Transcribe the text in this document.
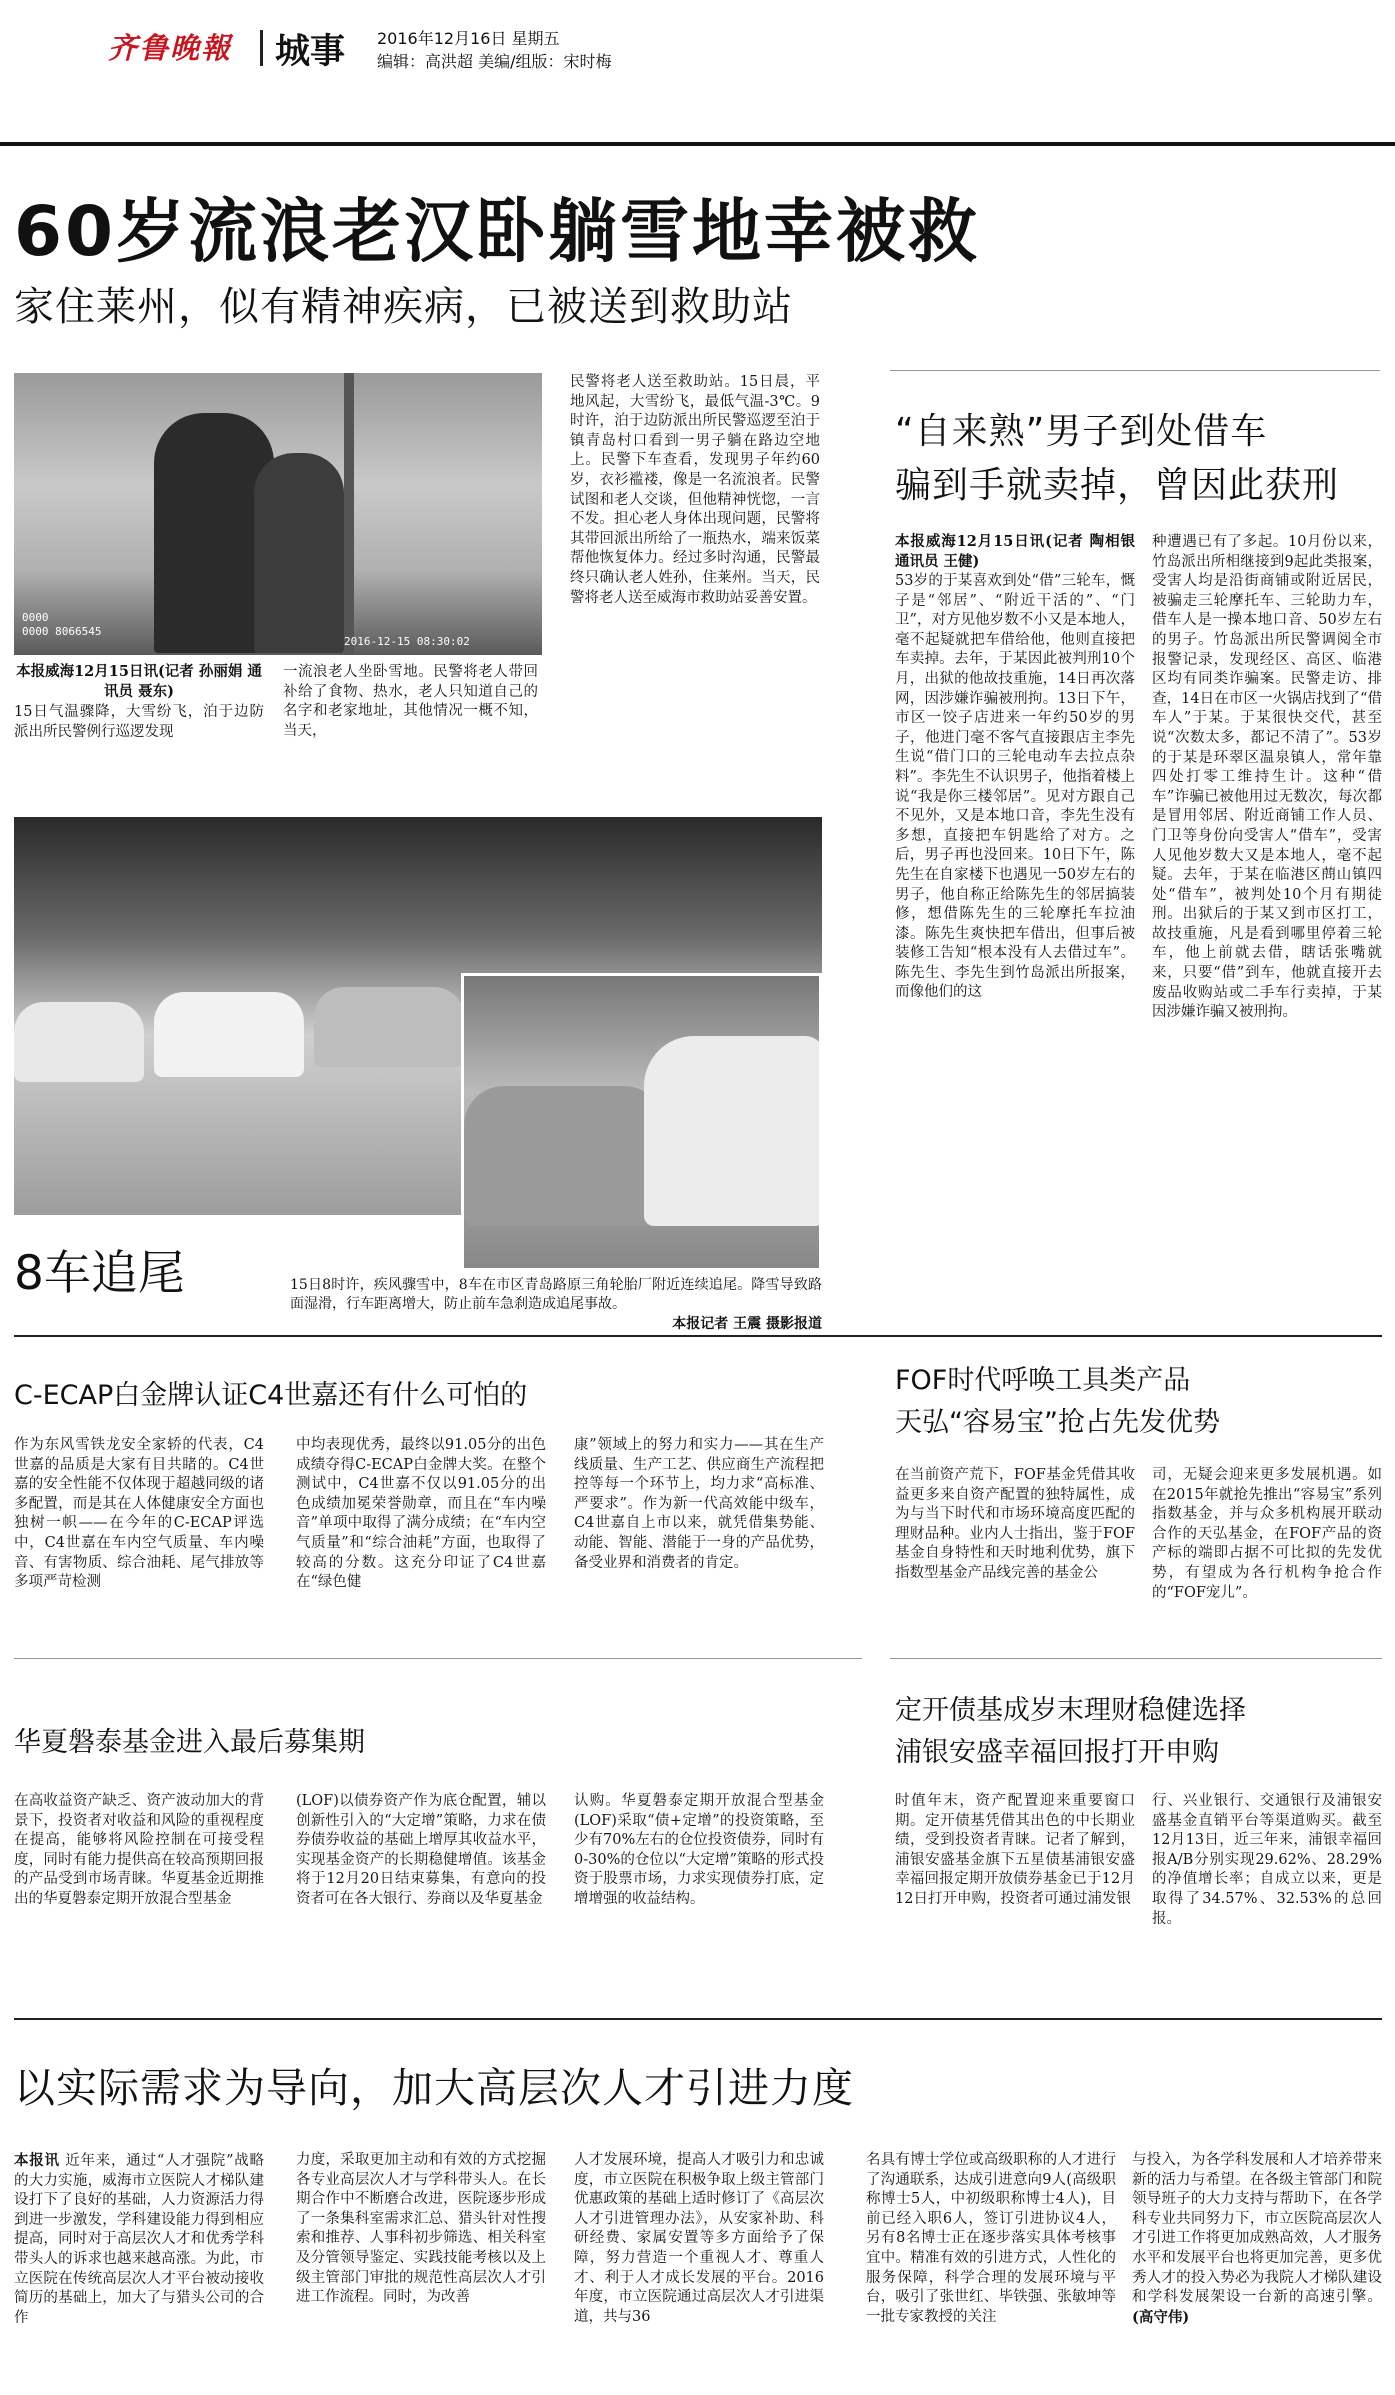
齐鲁晚報 城事 2016年12月16日 星期五
编辑：高洪超 美编/组版：宋时梅
60岁流浪老汉卧躺雪地幸被救
家住莱州，似有精神疾病，已被送到救助站
0000
0000 8066545
2016-12-15 08:30:02
本报威海12月15日讯(记者 孙丽娟 通讯员 聂东)
15日气温骤降，大雪纷飞，泊于边防派出所民警例行巡逻发现
一流浪老人坐卧雪地。民警将老人带回补给了食物、热水，老人只知道自己的名字和老家地址，其他情况一概不知，当天，
民警将老人送至救助站。15日晨，平地风起，大雪纷飞，最低气温-3℃。9时许，泊于边防派出所民警巡逻至泊于镇青岛村口看到一男子躺在路边空地上。民警下车查看，发现男子年约60岁，衣衫褴褛，像是一名流浪者。民警试图和老人交谈，但他精神恍惚，一言不发。担心老人身体出现问题，民警将其带回派出所给了一瓶热水，端来饭菜帮他恢复体力。经过多时沟通，民警最终只确认老人姓孙，住莱州。当天，民警将老人送至威海市救助站妥善安置。
8车追尾	15日8时许，疾风骤雪中，8车在市区青岛路原三角轮胎厂附近连续追尾。降雪导致路面湿滑，行车距离增大，防止前车急刹造成追尾事故。
本报记者 王震 摄影报道
“自来熟”男子到处借车
骗到手就卖掉，曾因此获刑
本报威海12月15日讯(记者 陶相银 通讯员 王健)
53岁的于某喜欢到处“借”三轮车，慨子是“邻居”、“附近干活的”、“门卫”，对方见他岁数不小又是本地人，毫不起疑就把车借给他，他则直接把车卖掉。去年，于某因此被判刑10个月，出狱的他故技重施，14日再次落网，因涉嫌诈骗被刑拘。13日下午，市区一饺子店进来一年约50岁的男子，他进门毫不客气直接跟店主李先生说“借门口的三轮电动车去拉点杂料”。李先生不认识男子，他指着楼上说“我是你三楼邻居”。见对方跟自己不见外，又是本地口音，李先生没有多想，直接把车钥匙给了对方。之后，男子再也没回来。10日下午，陈先生在自家楼下也遇见一50岁左右的男子，他自称正给陈先生的邻居搞装修，想借陈先生的三轮摩托车拉油漆。陈先生爽快把车借出，但事后被装修工告知“根本没有人去借过车”。陈先生、李先生到竹岛派出所报案，而像他们的这
种遭遇已有了多起。10月份以来，竹岛派出所相继接到9起此类报案，受害人均是沿街商铺或附近居民，被骗走三轮摩托车、三轮助力车，借车人是一操本地口音、50岁左右的男子。竹岛派出所民警调阅全市报警记录，发现经区、高区、临港区均有同类诈骗案。民警走访、排查，14日在市区一火锅店找到了“借车人”于某。于某很快交代，甚至说“次数太多，都记不清了”。53岁的于某是环翠区温泉镇人，常年靠四处打零工维持生计。这种“借车”诈骗已被他用过无数次，每次都是冒用邻居、附近商铺工作人员、门卫等身份向受害人“借车”，受害人见他岁数大又是本地人，毫不起疑。去年，于某在临港区蔄山镇四处“借车”，被判处10个月有期徒刑。出狱后的于某又到市区打工，故技重施，凡是看到哪里停着三轮车，他上前就去借，瞎话张嘴就来，只要“借”到车，他就直接开去废品收购站或二手车行卖掉，于某因涉嫌诈骗又被刑拘。
C-ECAP白金牌认证C4世嘉还有什么可怕的
作为东风雪铁龙安全家轿的代表，C4世嘉的品质是大家有目共睹的。C4世嘉的安全性能不仅体现于超越同级的诸多配置，而是其在人体健康安全方面也独树一帜——在今年的C-ECAP评选中，C4世嘉在车内空气质量、车内噪音、有害物质、综合油耗、尾气排放等多项严苛检测
中均表现优秀，最终以91.05分的出色成绩夺得C-ECAP白金牌大奖。在整个测试中，C4世嘉不仅以91.05分的出色成绩加冕荣誉勋章，而且在“车内噪音”单项中取得了满分成绩；在“车内空气质量”和“综合油耗”方面，也取得了较高的分数。这充分印证了C4世嘉在“绿色健
康”领域上的努力和实力——其在生产线质量、生产工艺、供应商生产流程把控等每一个环节上，均力求“高标准、严要求”。作为新一代高效能中级车，C4世嘉自上市以来，就凭借集势能、动能、智能、潜能于一身的产品优势，备受业界和消费者的肯定。
FOF时代呼唤工具类产品
天弘“容易宝”抢占先发优势
在当前资产荒下，FOF基金凭借其收益更多来自资产配置的独特属性，成为与当下时代和市场环境高度匹配的理财品种。业内人士指出，鉴于FOF基金自身特性和天时地利优势，旗下指数型基金产品线完善的基金公
司，无疑会迎来更多发展机遇。如在2015年就抢先推出“容易宝”系列指数基金，并与众多机构展开联动合作的天弘基金，在FOF产品的资产标的端即占据不可比拟的先发优势，有望成为各行机构争抢合作的“FOF宠儿”。
华夏磐泰基金进入最后募集期
在高收益资产缺乏、资产波动加大的背景下，投资者对收益和风险的重视程度在提高，能够将风险控制在可接受程度，同时有能力提供高在较高预期回报的产品受到市场青睐。华夏基金近期推出的华夏磐泰定期开放混合型基金
(LOF)以债券资产作为底仓配置，辅以创新性引入的“大定增”策略，力求在债券债券收益的基础上增厚其收益水平，实现基金资产的长期稳健增值。该基金将于12月20日结束募集，有意向的投资者可在各大银行、券商以及华夏基金
认购。华夏磐泰定期开放混合型基金(LOF)采取“债+定增”的投资策略，至少有70%左右的仓位投资债券，同时有0-30%的仓位以“大定增”策略的形式投资于股票市场，力求实现债券打底，定增增强的收益结构。
定开债基成岁末理财稳健选择
浦银安盛幸福回报打开申购
时值年末，资产配置迎来重要窗口期。定开债基凭借其出色的中长期业绩，受到投资者青睐。记者了解到，浦银安盛基金旗下五星债基浦银安盛幸福回报定期开放债券基金已于12月12日打开申购，投资者可通过浦发银
行、兴业银行、交通银行及浦银安盛基金直销平台等渠道购买。截至12月13日，近三年来，浦银幸福回报A/B分别实现29.62%、28.29%的净值增长率；自成立以来，更是取得了34.57%、32.53%的总回报。
以实际需求为导向，加大高层次人才引进力度
本报讯 近年来，通过“人才强院”战略的大力实施，威海市立医院人才梯队建设打下了良好的基础，人力资源活力得到进一步激发，学科建设能力得到相应提高，同时对于高层次人才和优秀学科带头人的诉求也越来越高涨。为此，市立医院在传统高层次人才平台被动接收简历的基础上，加大了与猎头公司的合作
力度，采取更加主动和有效的方式挖掘各专业高层次人才与学科带头人。在长期合作中不断磨合改进，医院逐步形成了一条集科室需求汇总、猎头针对性搜索和推荐、人事科初步筛选、相关科室及分管领导鉴定、实践技能考核以及上级主管部门审批的规范性高层次人才引进工作流程。同时，为改善
人才发展环境，提高人才吸引力和忠诚度，市立医院在积极争取上级主管部门优惠政策的基础上适时修订了《高层次人才引进管理办法》，从安家补助、科研经费、家属安置等多方面给予了保障，努力营造一个重视人才、尊重人才、利于人才成长发展的平台。2016年度，市立医院通过高层次人才引进渠道，共与36
名具有博士学位或高级职称的人才进行了沟通联系，达成引进意向9人(高级职称博士5人，中初级职称博士4人)，目前已经入职6人，签订引进协议4人，另有8名博士正在逐步落实具体考核事宜中。精准有效的引进方式，人性化的服务保障，科学合理的发展环境与平台，吸引了张世红、毕铁强、张敏坤等一批专家教授的关注
与投入，为各学科发展和人才培养带来新的活力与希望。在各级主管部门和院领导班子的大力支持与帮助下，在各学科专业共同努力下，市立医院高层次人才引进工作将更加成熟高效，人才服务水平和发展平台也将更加完善，更多优秀人才的投入势必为我院人才梯队建设和学科发展架设一台新的高速引擎。(高守伟)
